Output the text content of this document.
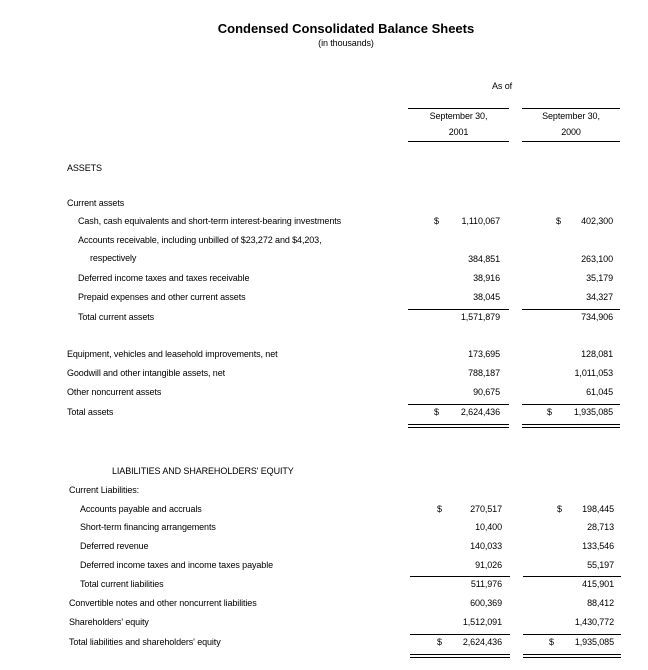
Condensed Consolidated Balance Sheets
(in thousands)
As of
September 30,
2001
September 30,
2000
ASSETS
Current assets
Cash, cash equivalents and short-term interest-bearing investments	$	1,110,067	$ 402,300
Accounts receivable, including unbilled of $23,272 and $4,203,
respectively	384,851	263,100
Deferred income taxes and taxes receivable	38,916	35,179
Prepaid expenses and other current assets	38,045	34,327
Total current assets	1,571,879	734,906
Equipment, vehicles and leasehold improvements, net	173,695	128,081
Goodwill and other intangible assets, net	788,187	1,011,053
Other noncurrent assets	90,675	61,045
Total assets	$ 2,624,436	$ 1,935,085
LIABILITIES AND SHAREHOLDERS' EQUITY
Current Liabilities:
Accounts payable and accruals	$	270,517	$ 198,445
Short-term financing arrangements	10,400	28,713
Deferred revenue	140,033	133,546
Deferred income taxes and income taxes payable	91,026	55,197
Total current liabilities	511,976	415,901
Convertible notes and other noncurrent liabilities	600,369	88,412
Shareholders' equity	1,512,091	1,430,772
Total liabilities and shareholders' equity	$ 2,624,436	$ 1,935,085
